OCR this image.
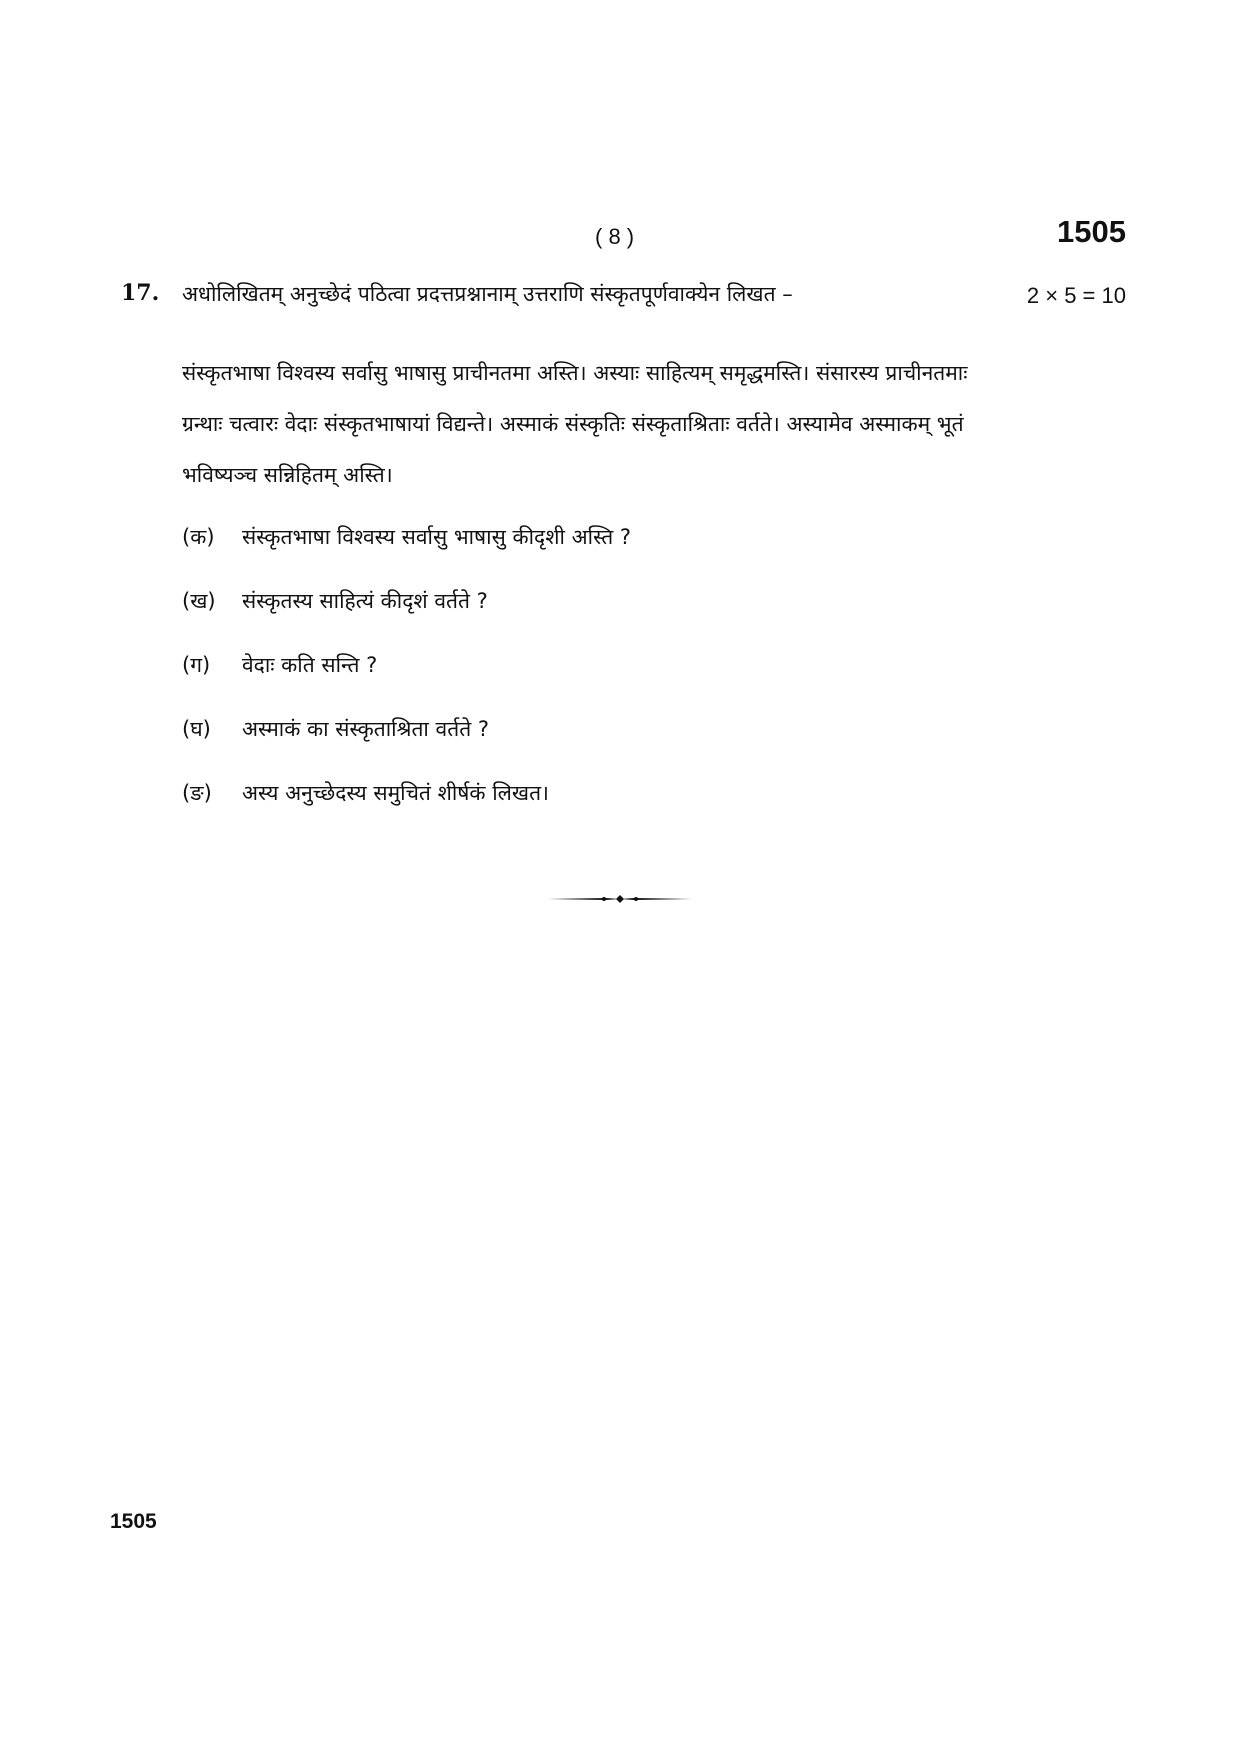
( 8 )	1505
17. अधोलिखितम् अनुच्छेदं पठित्वा प्रदत्तप्रश्नानाम् उत्तराणि संस्कृतपूर्णवाक्येन लिखत –	2 × 5 = 10
संस्कृतभाषा विश्वस्य सर्वासु भाषासु प्राचीनतमा अस्ति। अस्याः साहित्यम् समृद्धमस्ति। संसारस्य प्राचीनतमाः
ग्रन्थाः चत्वारः वेदाः संस्कृतभाषायां विद्यन्ते। अस्माकं संस्कृतिः संस्कृताश्रिताः वर्तते। अस्यामेव अस्माकम् भूतं
भविष्यञ्च सन्निहितम् अस्ति।
(क)	संस्कृतभाषा विश्वस्य सर्वासु भाषासु कीदृशी अस्ति ?
(ख)	संस्कृतस्य साहित्यं कीदृशं वर्तते ?
(ग)	वेदाः कति सन्ति ?
(घ)	अस्माकं का संस्कृताश्रिता वर्तते ?
(ङ)	अस्य अनुच्छेदस्य समुचितं शीर्षकं लिखत।
1505
